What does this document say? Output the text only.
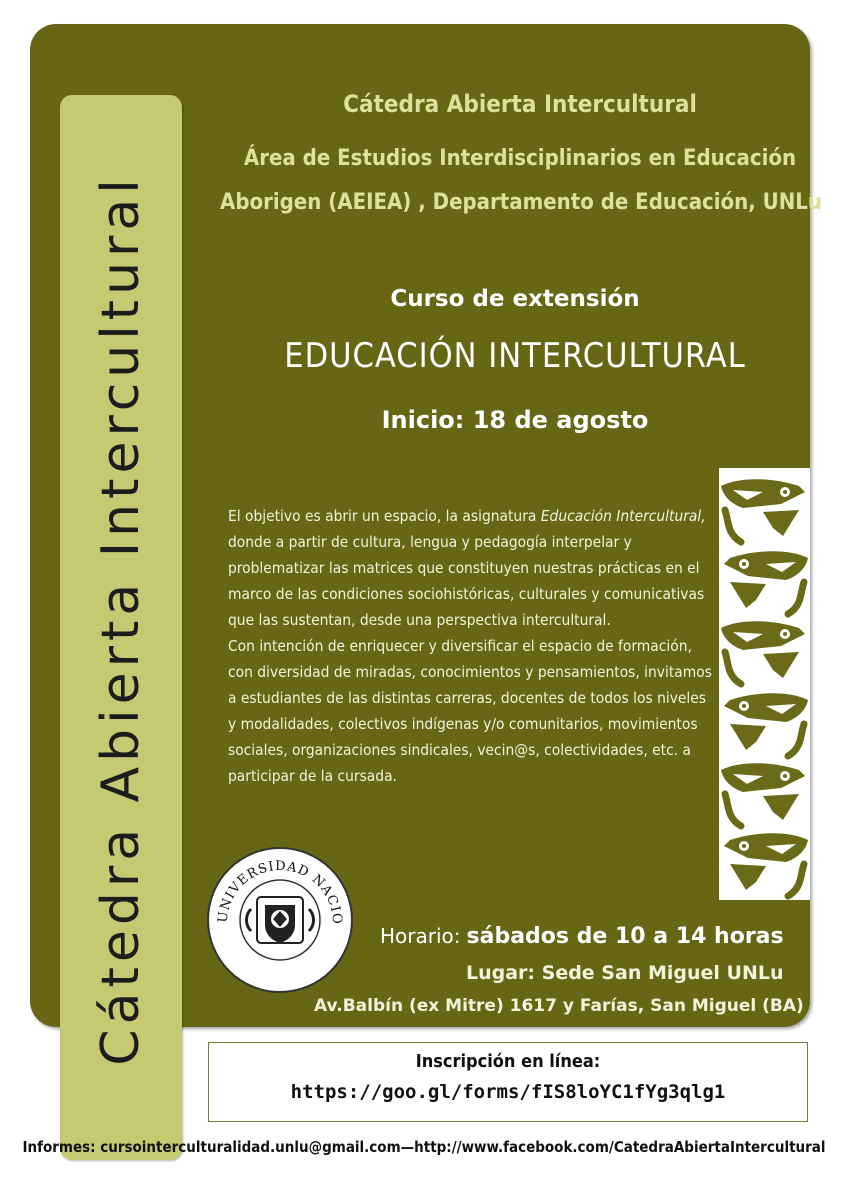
Cátedra Abierta Intercultural
Cátedra Abierta Intercultural
Área de Estudios Interdisciplinarios en Educación
Aborigen (AEIEA) , Departamento de Educación, UNLu
Curso de extensión
EDUCACIÓN INTERCULTURAL
Inicio: 18 de agosto

El objetivo es abrir un espacio, la asignatura Educación Intercultural, donde a partir de cultura, lengua y pedagogía interpelar y problematizar las matrices que constituyen nuestras prácticas en el marco de las condiciones sociohistóricas, culturales y comunicativas que las sustentan, desde una perspectiva intercultural.

Con intención de enriquecer y diversificar el espacio de formación, con diversidad de miradas, conocimientos y pensamientos, invitamos a estudiantes de las distintas carreras, docentes de todos los niveles y modalidades, colectivos indígenas y/o comunitarios, movimientos sociales, organizaciones sindicales, vecin@s, colectividades, etc. a participar de la cursada.

UNIVERSIDAD NACIO
Horario: sábados de 10 a 14 horas
Lugar: Sede San Miguel UNLu
Av.Balbín (ex Mitre) 1617 y Farías, San Miguel (BA)
Inscripción en línea:
https://goo.gl/forms/fIS8loYC1fYg3qlg1
Informes: cursointerculturalidad.unlu@gmail.com—http://www.facebook.com/CatedraAbiertaIntercultural
